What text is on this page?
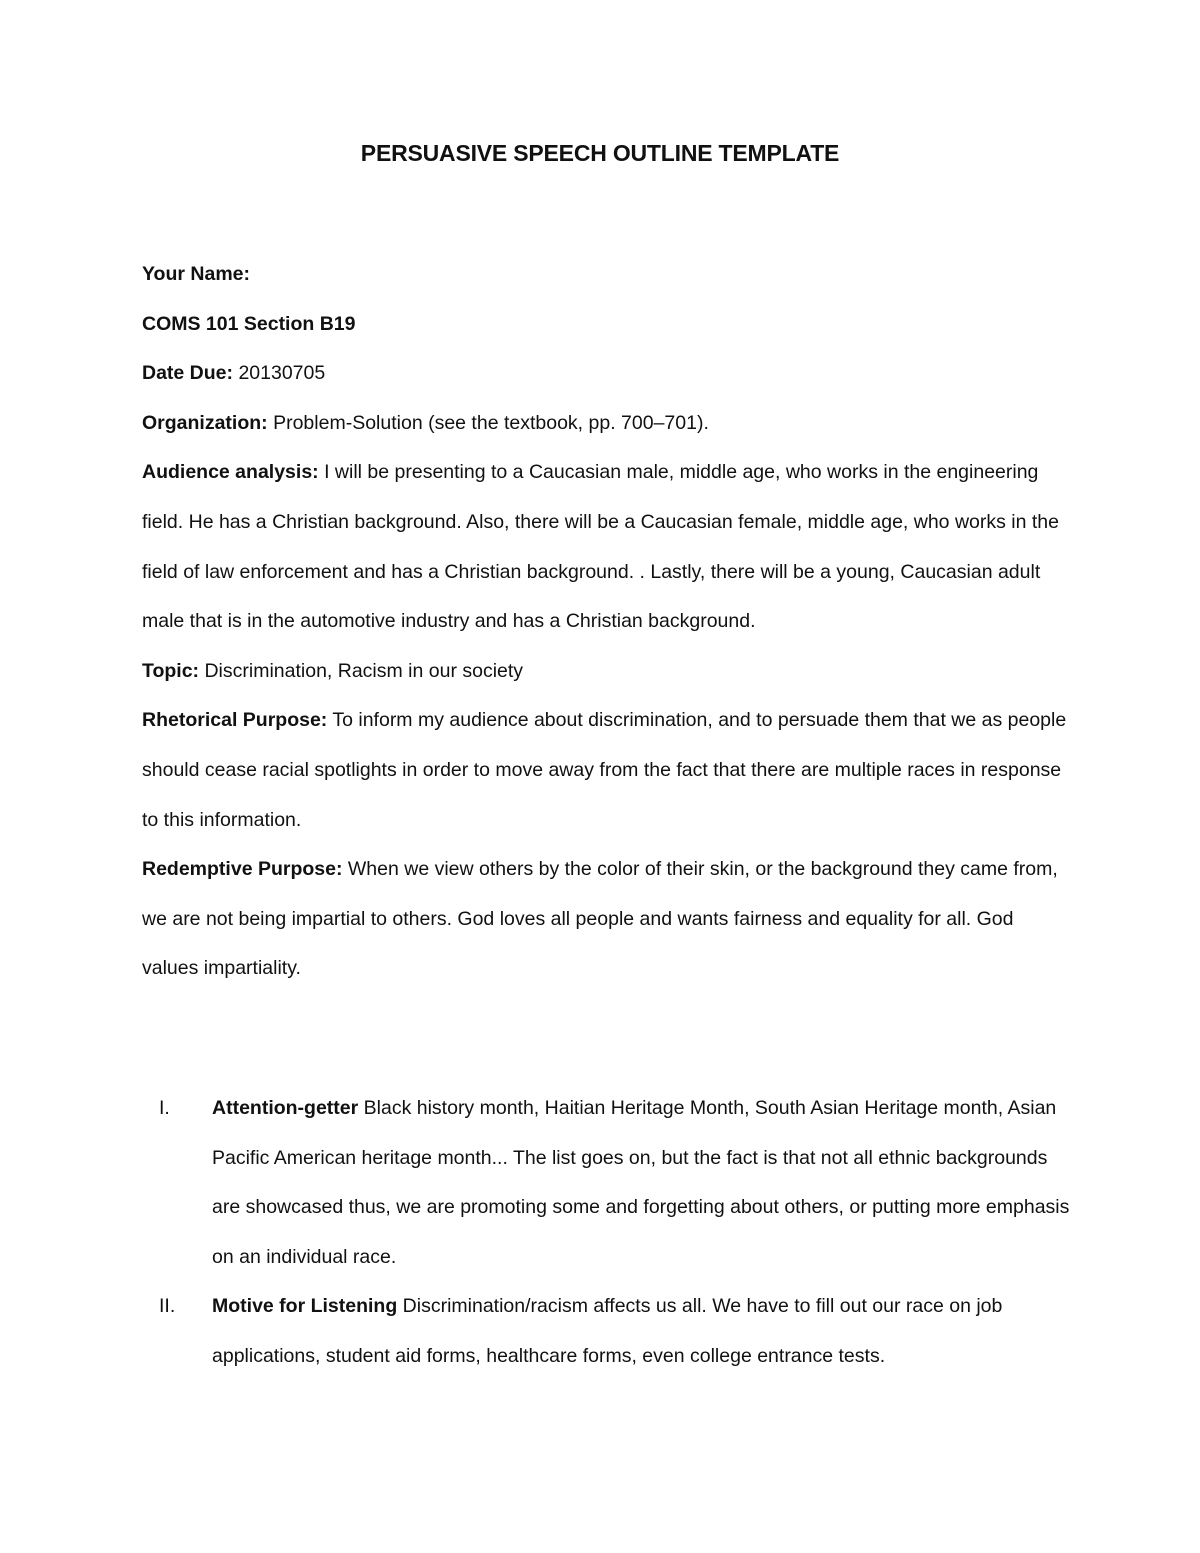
PERSUASIVE SPEECH OUTLINE TEMPLATE

Your Name:

COMS 101 Section B19

Date Due: 20130705

Organization: Problem-Solution (see the textbook, pp. 700–701).

Audience analysis: I will be presenting to a Caucasian male, middle age, who works in the engineering field. He has a Christian background. Also, there will be a Caucasian female, middle age, who works in the field of law enforcement and has a Christian background. . Lastly, there will be a young, Caucasian adult male that is in the automotive industry and has a Christian background.

Topic: Discrimination, Racism in our society

Rhetorical Purpose: To inform my audience about discrimination, and to persuade them that we as people should cease racial spotlights in order to move away from the fact that there are multiple races in response to this information.

Redemptive Purpose: When we view others by the color of their skin, or the background they came from, we are not being impartial to others. God loves all people and wants fairness and equality for all. God values impartiality.

I. Attention-getter Black history month, Haitian Heritage Month, South Asian Heritage month, Asian Pacific American heritage month... The list goes on, but the fact is that not all ethnic backgrounds are showcased thus, we are promoting some and forgetting about others, or putting more emphasis on an individual race.

II. Motive for Listening Discrimination/racism affects us all. We have to fill out our race on job applications, student aid forms, healthcare forms, even college entrance tests.
